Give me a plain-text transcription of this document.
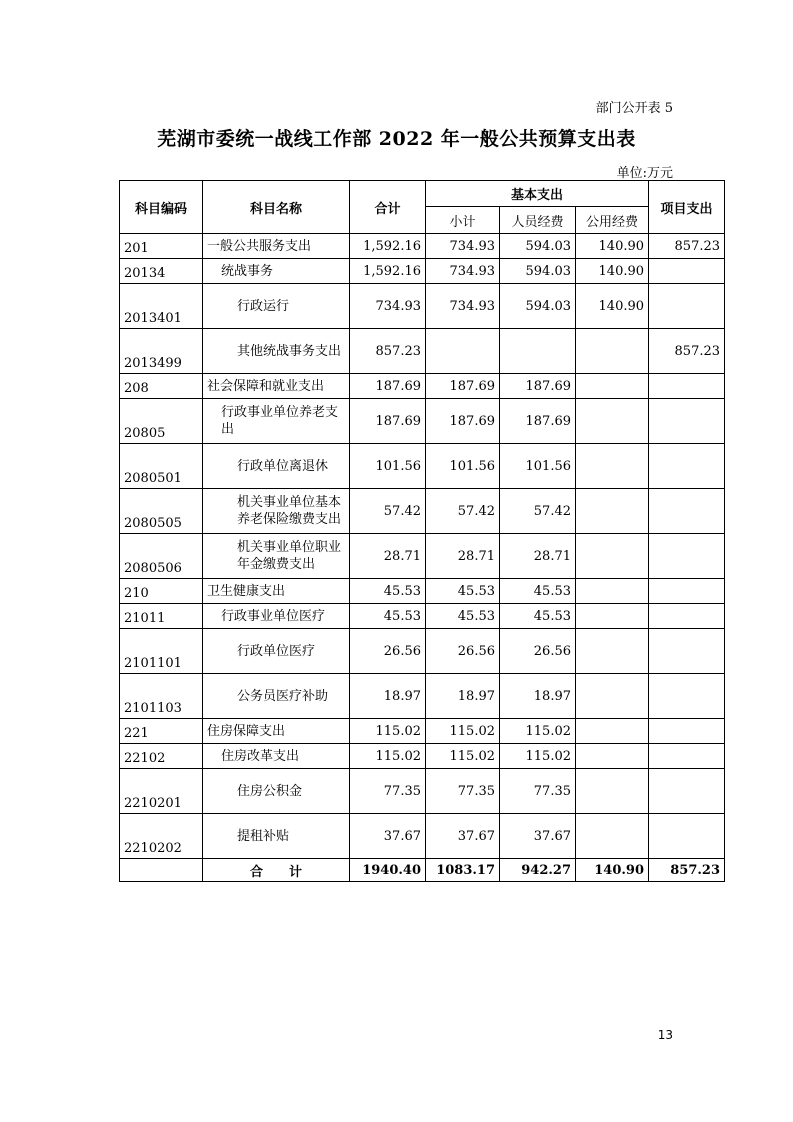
部门公开表 5
芜湖市委统一战线工作部 2022 年一般公共预算支出表
单位:万元
科目编码	科目名称	合计	基本支出			项目支出
			小计	人员经费	公用经费	
201	一般公共服务支出	1,592.16	734.93	594.03	140.90	857.23
20134	统战事务	1,592.16	734.93	594.03	140.90	
2013401	行政运行	734.93	734.93	594.03	140.90	
2013499	其他统战事务支出	857.23				857.23
208	社会保障和就业支出	187.69	187.69	187.69		
20805	行政事业单位养老支出	187.69	187.69	187.69		
2080501	行政单位离退休	101.56	101.56	101.56		
2080505	机关事业单位基本养老保险缴费支出	57.42	57.42	57.42		
2080506	机关事业单位职业年金缴费支出	28.71	28.71	28.71		
210	卫生健康支出	45.53	45.53	45.53		
21011	行政事业单位医疗	45.53	45.53	45.53		
2101101	行政单位医疗	26.56	26.56	26.56		
2101103	公务员医疗补助	18.97	18.97	18.97		
221	住房保障支出	115.02	115.02	115.02		
22102	住房改革支出	115.02	115.02	115.02		
2210201	住房公积金	77.35	77.35	77.35		
2210202	提租补贴	37.67	37.67	37.67		
	合　　计	1940.40	1083.17	942.27	140.90	857.23
13
